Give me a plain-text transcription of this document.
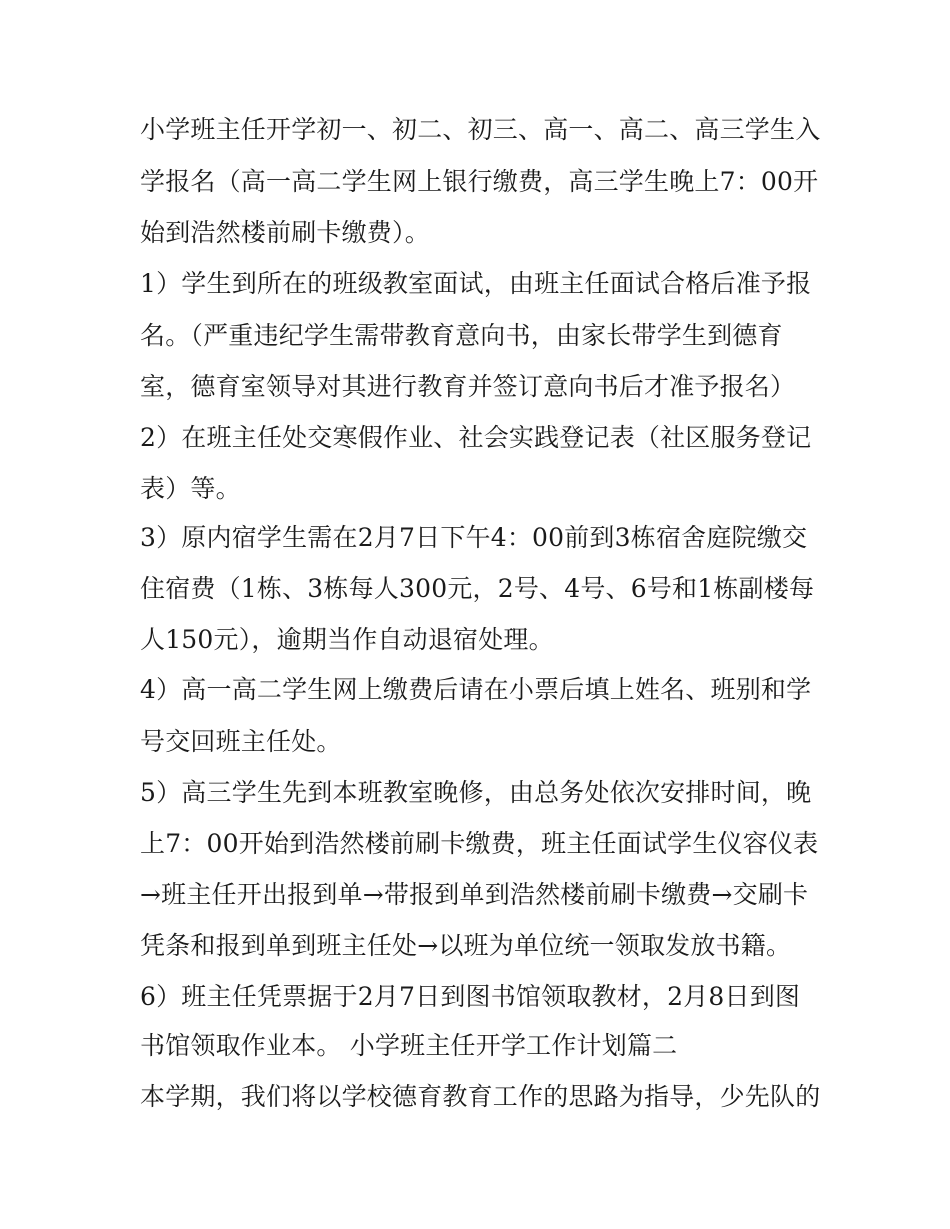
小学班主任开学初一、初二、初三、高一、高二、高三学生入
学报名（高一高二学生网上银行缴费，高三学生晚上7：00开
始到浩然楼前刷卡缴费）。
1）学生到所在的班级教室面试，由班主任面试合格后准予报
名。（严重违纪学生需带教育意向书，由家长带学生到德育
室，德育室领导对其进行教育并签订意向书后才准予报名）
2）在班主任处交寒假作业、社会实践登记表（社区服务登记
表）等。
3）原内宿学生需在2月7日下午4：00前到3栋宿舍庭院缴交
住宿费（1栋、3栋每人300元，2号、4号、6号和1栋副楼每
人150元），逾期当作自动退宿处理。
4）高一高二学生网上缴费后请在小票后填上姓名、班别和学
号交回班主任处。
5）高三学生先到本班教室晚修，由总务处依次安排时间，晚
上7：00开始到浩然楼前刷卡缴费，班主任面试学生仪容仪表
→班主任开出报到单→带报到单到浩然楼前刷卡缴费→交刷卡
凭条和报到单到班主任处→以班为单位统一领取发放书籍。
6）班主任凭票据于2月7日到图书馆领取教材，2月8日到图
书馆领取作业本。 小学班主任开学工作计划篇二
本学期，我们将以学校德育教育工作的思路为指导，少先队的
